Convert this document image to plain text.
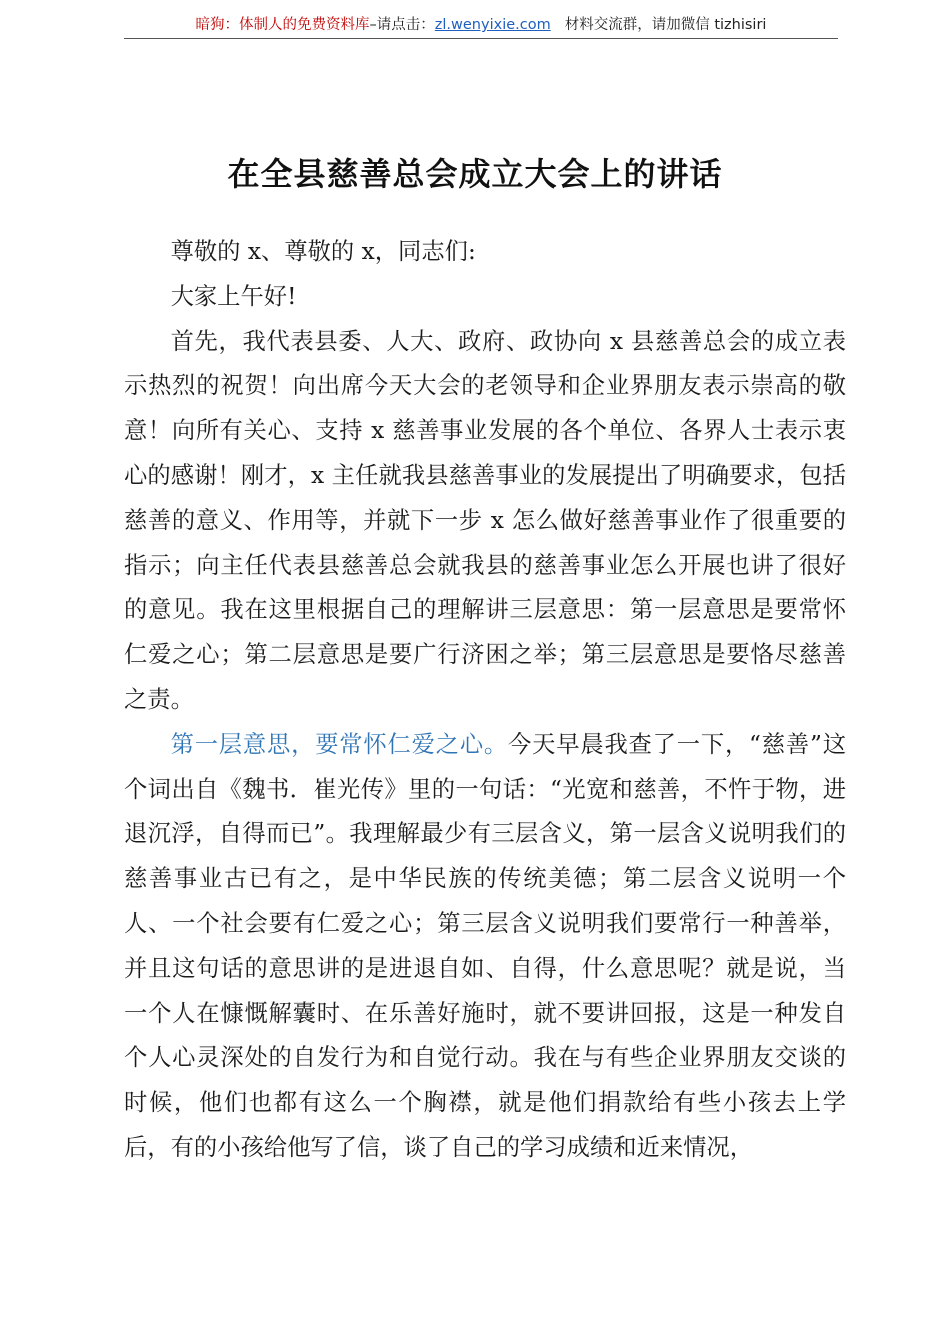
暗狗：体制人的免费资料库–请点击：zl.wenyixie.com 材料交流群，请加微信 tizhisiri
在全县慈善总会成立大会上的讲话

尊敬的 x、尊敬的 x，同志们:

大家上午好!

首先，我代表县委、人大、政府、政协向 x 县慈善总会的成立表示热烈的祝贺！向出席今天大会的老领导和企业界朋友表示崇高的敬意！向所有关心、支持 x 慈善事业发展的各个单位、各界人士表示衷心的感谢！刚才，x 主任就我县慈善事业的发展提出了明确要求，包括慈善的意义、作用等，并就下一步 x 怎么做好慈善事业作了很重要的指示；向主任代表县慈善总会就我县的慈善事业怎么开展也讲了很好的意见。我在这里根据自己的理解讲三层意思：第一层意思是要常怀仁爱之心；第二层意思是要广行济困之举；第三层意思是要恪尽慈善之责。

第一层意思，要常怀仁爱之心。今天早晨我查了一下，“慈善”这个词出自《魏书．崔光传》里的一句话：“光宽和慈善，不忤于物，进退沉浮，自得而已”。我理解最少有三层含义，第一层含义说明我们的慈善事业古已有之，是中华民族的传统美德；第二层含义说明一个人、一个社会要有仁爱之心；第三层含义说明我们要常行一种善举，并且这句话的意思讲的是进退自如、自得，什么意思呢？就是说，当一个人在慷慨解囊时、在乐善好施时，就不要讲回报，这是一种发自个人心灵深处的自发行为和自觉行动。我在与有些企业界朋友交谈的时候，他们也都有这么一个胸襟，就是他们捐款给有些小孩去上学后，有的小孩给他写了信，谈了自己的学习成绩和近来情况，
